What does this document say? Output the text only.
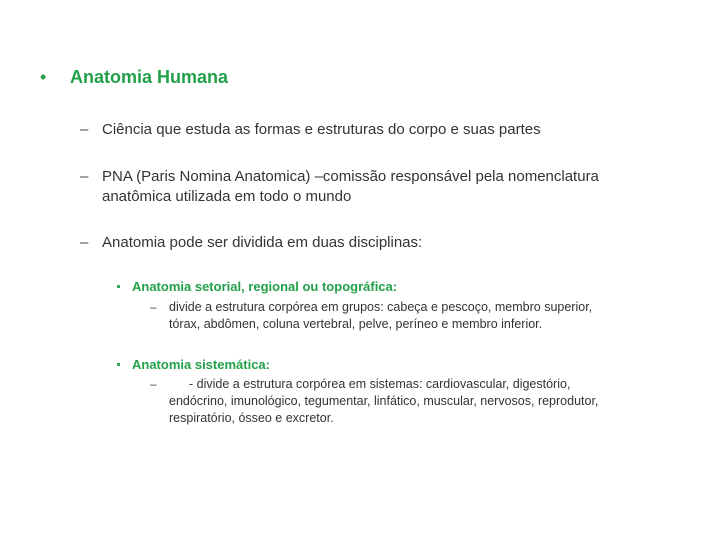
• Anatomia Humana
– Ciência que estuda as formas e estruturas do corpo e suas partes
– PNA (Paris Nomina Anatomica) –comissão responsável pela nomenclatura
anatômica utilizada em todo o mundo
– Anatomia pode ser dividida em duas disciplinas:
Anatomia setorial, regional ou topográfica:
– divide a estrutura corpórea em grupos: cabeça e pescoço, membro superior,
tórax, abdômen, coluna vertebral, pelve, períneo e membro inferior.
Anatomia sistemática:
–	- divide a estrutura corpórea em sistemas: cardiovascular, digestório,
endócrino, imunológico, tegumentar, linfático, muscular, nervosos, reprodutor,
respiratório, ósseo e excretor.
